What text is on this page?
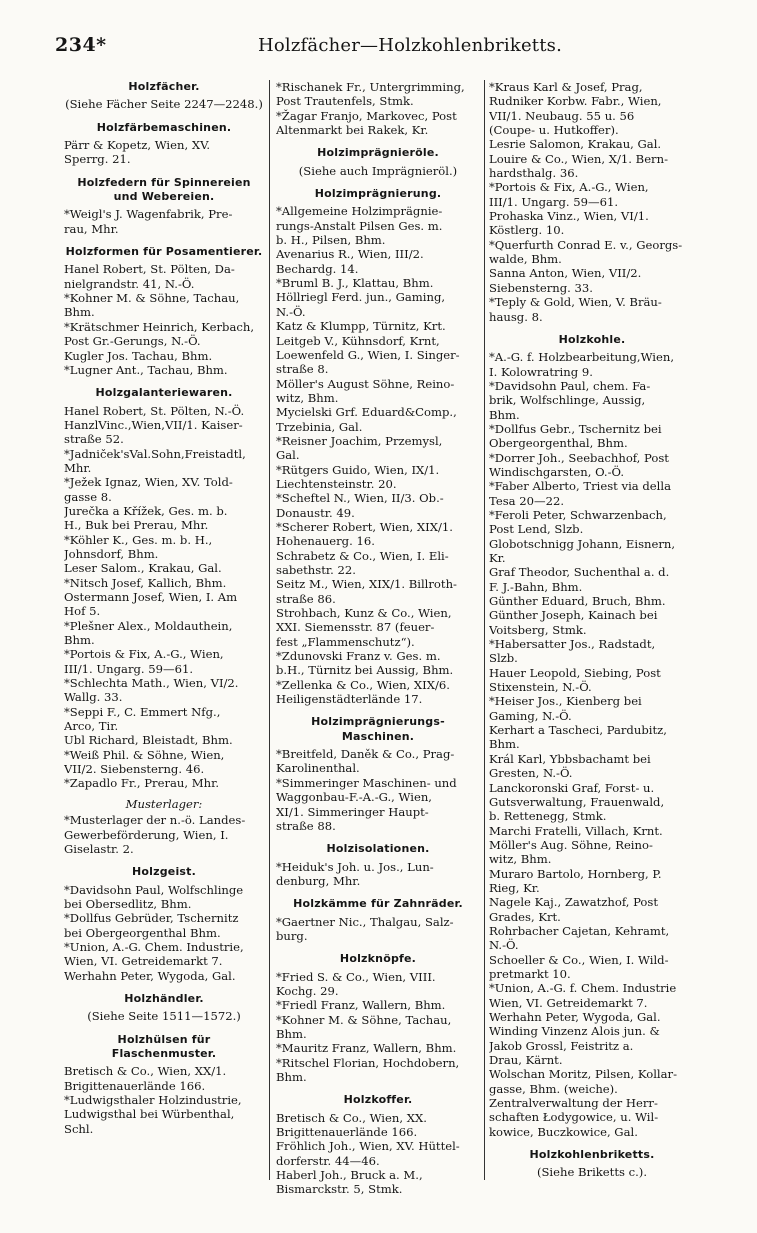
234*	Holzfächer—Holzkohlenbriketts.
Holzfächer.
(Siehe Fächer Seite 2247—2248.)
Holzfärbemaschinen.
Pärr & Kopetz, Wien, XV.
Sperrg. 21.
Holzfedern für Spinnereien und Webereien.
*Weigl's J. Wagenfabrik, Pre-
rau, Mhr.
Holzformen für Posamentierer.
Hanel Robert, St. Pölten, Da-
nielgrandstr. 41, N.-Ö.
*Kohner M. & Söhne, Tachau,
Bhm.
*Krätschmer Heinrich, Kerbach,
Post Gr.-Gerungs, N.-Ö.
Kugler Jos. Tachau, Bhm.
*Lugner Ant., Tachau, Bhm.
Holzgalanteriewaren.
Hanel Robert, St. Pölten, N.-Ö.
HanzlVinc.,Wien,VII/1. Kaiser-
straße 52.
*Jadniček'sVal.Sohn,Freistadtl,
Mhr.
*Ježek Ignaz, Wien, XV. Told-
gasse 8.
Jurečka a Křížek, Ges. m. b.
H., Buk bei Prerau, Mhr.
*Köhler K., Ges. m. b. H.,
Johnsdorf, Bhm.
Leser Salom., Krakau, Gal.
*Nitsch Josef, Kallich, Bhm.
Ostermann Josef, Wien, I. Am
Hof 5.
*Plešner Alex., Moldauthein,
Bhm.
*Portois & Fix, A.-G., Wien,
III/1. Ungarg. 59—61.
*Schlechta Math., Wien, VI/2.
Wallg. 33.
*Seppi F., C. Emmert Nfg.,
Arco, Tir.
Ubl Richard, Bleistadt, Bhm.
*Weiß Phil. & Söhne, Wien,
VII/2. Siebensterng. 46.
*Zapadlo Fr., Prerau, Mhr.
Musterlager:
*Musterlager der n.-ö. Landes-
Gewerbeförderung, Wien, I.
Giselastr. 2.
Holzgeist.
*Davidsohn Paul, Wolfschlinge
bei Obersedlitz, Bhm.
*Dollfus Gebrüder, Tschernitz
bei Obergeorgenthal Bhm.
*Union, A.-G. Chem. Industrie,
Wien, VI. Getreidemarkt 7.
Werhahn Peter, Wygoda, Gal.
Holzhändler.
(Siehe Seite 1511—1572.)
Holzhülsen für Flaschenmuster.
Bretisch & Co., Wien, XX/1.
Brigittenauerlände 166.
*Ludwigsthaler Holzindustrie,
Ludwigsthal bei Würbenthal,
Schl.
*Rischanek Fr., Untergrimming,
Post Trautenfels, Stmk.
*Žagar Franjo, Markovec, Post
Altenmarkt bei Rakek, Kr.
Holzimprägnieröle.
(Siehe auch Imprägnieröl.)
Holzimprägnierung.
*Allgemeine Holzimprägnie-
rungs-Anstalt Pilsen Ges. m.
b. H., Pilsen, Bhm.
Avenarius R., Wien, III/2.
Bechardg. 14.
*Bruml B. J., Klattau, Bhm.
Höllriegl Ferd. jun., Gaming,
N.-Ö.
Katz & Klumpp, Türnitz, Krt.
Leitgeb V., Kühnsdorf, Krnt,
Loewenfeld G., Wien, I. Singer-
straße 8.
Möller's August Söhne, Reino-
witz, Bhm.
Mycielski Grf. Eduard&Comp.,
Trzebinia, Gal.
*Reisner Joachim, Przemysl,
Gal.
*Rütgers Guido, Wien, IX/1.
Liechtensteinstr. 20.
*Scheftel N., Wien, II/3. Ob.-
Donaustr. 49.
*Scherer Robert, Wien, XIX/1.
Hohenauerg. 16.
Schrabetz & Co., Wien, I. Eli-
sabethstr. 22.
Seitz M., Wien, XIX/1. Billroth-
straße 86.
Strohbach, Kunz & Co., Wien,
XXI. Siemensstr. 87 (feuer-
fest „Flammenschutz“).
*Zdunovski Franz v. Ges. m.
b.H., Türnitz bei Aussig, Bhm.
*Zellenka & Co., Wien, XIX/6.
Heiligenstädterlände 17.
Holzimprägnierungs-Maschinen.
*Breitfeld, Daněk & Co., Prag-
Karolinenthal.
*Simmeringer Maschinen- und
Waggonbau-F.-A.-G., Wien,
XI/1. Simmeringer Haupt-
straße 88.
Holzisolationen.
*Heiduk's Joh. u. Jos., Lun-
denburg, Mhr.
Holzkämme für Zahnräder.
*Gaertner Nic., Thalgau, Salz-
burg.
Holzknöpfe.
*Fried S. & Co., Wien, VIII.
Kochg. 29.
*Friedl Franz, Wallern, Bhm.
*Kohner M. & Söhne, Tachau,
Bhm.
*Mauritz Franz, Wallern, Bhm.
*Ritschel Florian, Hochdobern,
Bhm.
Holzkoffer.
Bretisch & Co., Wien, XX.
Brigittenauerlände 166.
Fröhlich Joh., Wien, XV. Hüttel-
dorferstr. 44—46.
Haberl Joh., Bruck a. M.,
Bismarckstr. 5, Stmk.
*Kraus Karl & Josef, Prag,
Rudniker Korbw. Fabr., Wien,
VII/1. Neubaug. 55 u. 56
(Coupe- u. Hutkoffer).
Lesrie Salomon, Krakau, Gal.
Louire & Co., Wien, X/1. Bern-
hardsthalg. 36.
*Portois & Fix, A.-G., Wien,
III/1. Ungarg. 59—61.
Prohaska Vinz., Wien, VI/1.
Köstlerg. 10.
*Querfurth Conrad E. v., Georgs-
walde, Bhm.
Sanna Anton, Wien, VII/2.
Siebensterng. 33.
*Teply & Gold, Wien, V. Bräu-
hausg. 8.
Holzkohle.
*A.-G. f. Holzbearbeitung,Wien,
I. Kolowratring 9.
*Davidsohn Paul, chem. Fa-
brik, Wolfschlinge, Aussig,
Bhm.
*Dollfus Gebr., Tschernitz bei
Obergeorgenthal, Bhm.
*Dorrer Joh., Seebachhof, Post
Windischgarsten, O.-Ö.
*Faber Alberto, Triest via della
Tesa 20—22.
*Feroli Peter, Schwarzenbach,
Post Lend, Slzb.
Globotschnigg Johann, Eisnern,
Kr.
Graf Theodor, Suchenthal a. d.
F. J.-Bahn, Bhm.
Günther Eduard, Bruch, Bhm.
Günther Joseph, Kainach bei
Voitsberg, Stmk.
*Habersatter Jos., Radstadt,
Slzb.
Hauer Leopold, Siebing, Post
Stixenstein, N.-Ö.
*Heiser Jos., Kienberg bei
Gaming, N.-Ö.
Kerhart a Tascheci, Pardubitz,
Bhm.
Král Karl, Ybbsbachamt bei
Gresten, N.-Ö.
Lanckoronski Graf, Forst- u.
Gutsverwaltung, Frauenwald,
b. Rettenegg, Stmk.
Marchi Fratelli, Villach, Krnt.
Möller's Aug. Söhne, Reino-
witz, Bhm.
Muraro Bartolo, Hornberg, P.
Rieg, Kr.
Nagele Kaj., Zawatzhof, Post
Grades, Krt.
Rohrbacher Cajetan, Kehramt,
N.-Ö.
Schoeller & Co., Wien, I. Wild-
pretmarkt 10.
*Union, A.-G. f. Chem. Industrie
Wien, VI. Getreidemarkt 7.
Werhahn Peter, Wygoda, Gal.
Winding Vinzenz Alois jun. &
Jakob Grossl, Feistritz a.
Drau, Kärnt.
Wolschan Moritz, Pilsen, Kollar-
gasse, Bhm. (weiche).
Zentralverwaltung der Herr-
schaften Łodygowice, u. Wil-
kowice, Buczkowice, Gal.
Holzkohlenbriketts.
(Siehe Briketts c.).
